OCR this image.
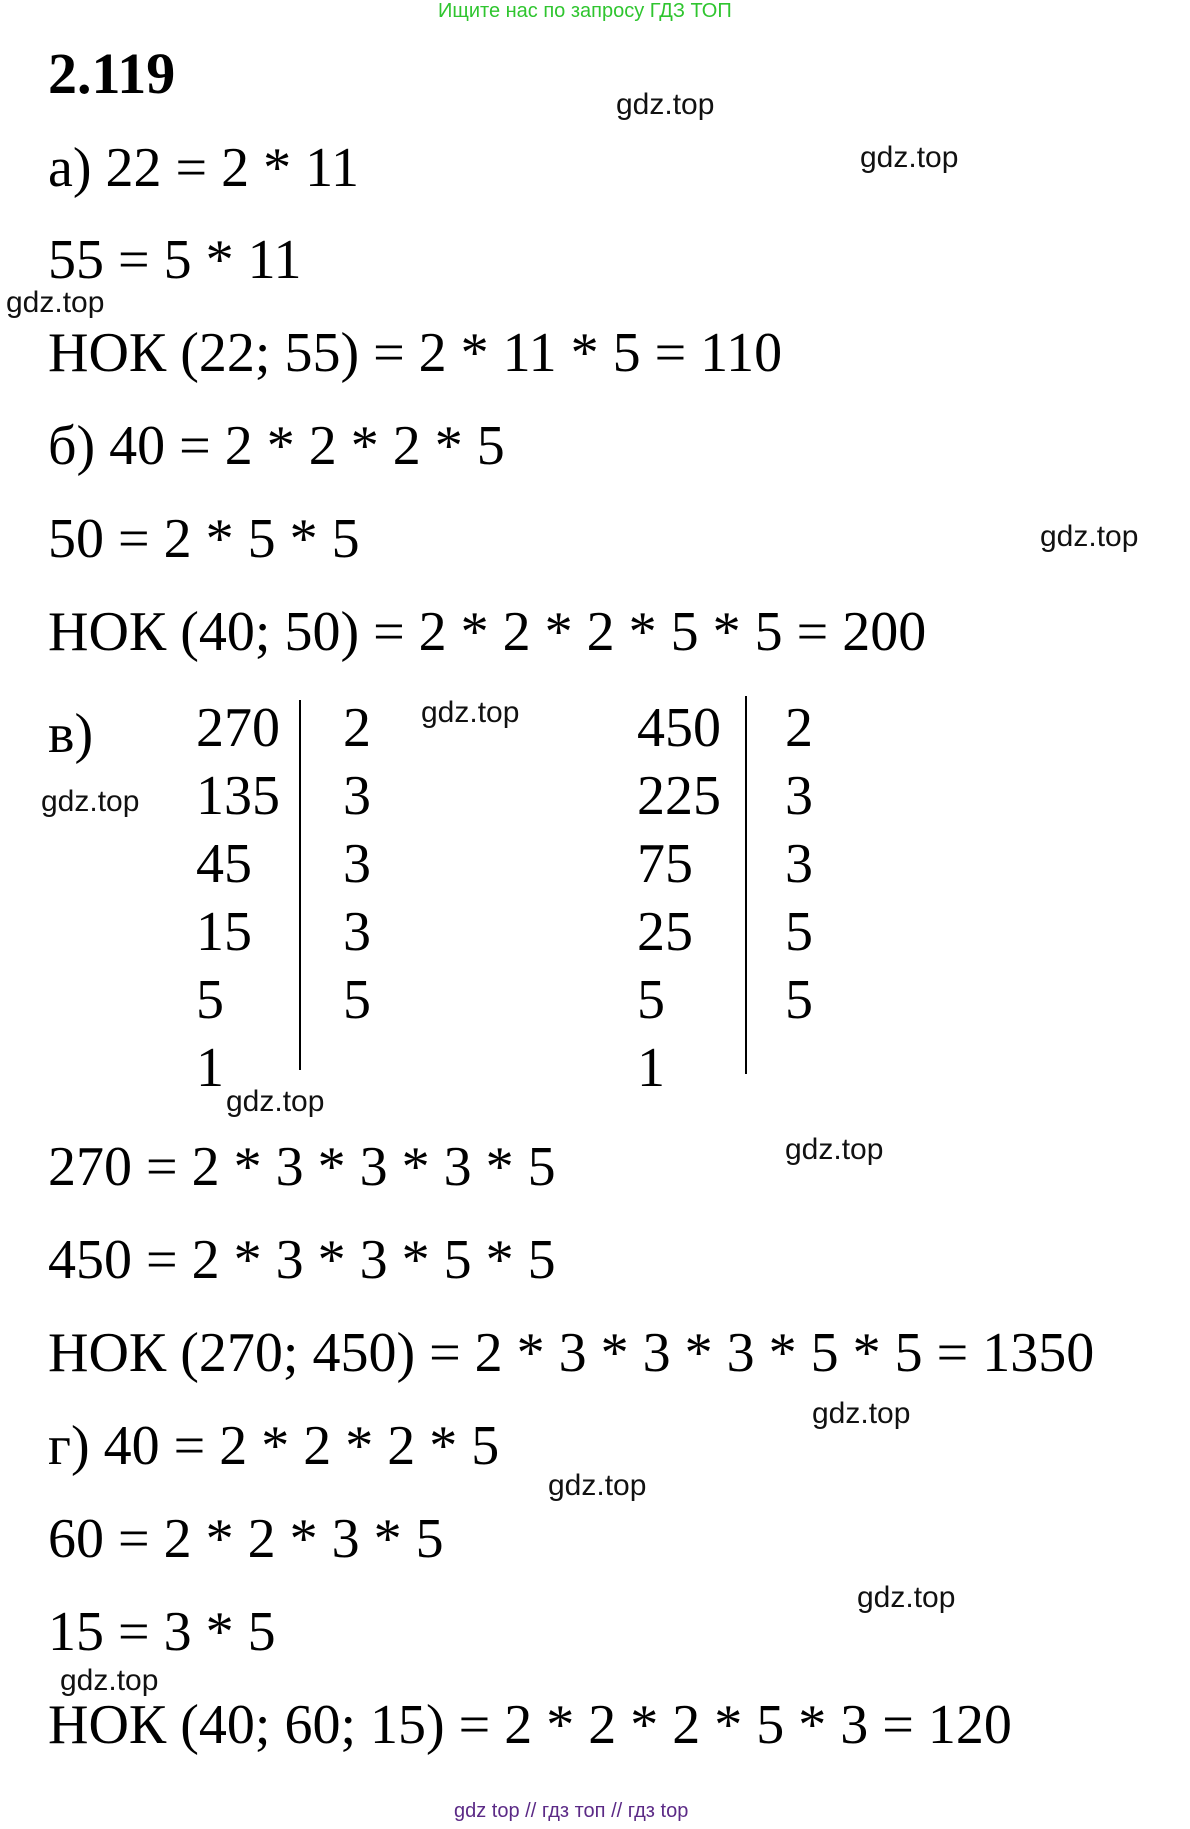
Ищите нас по запросу ГДЗ ТОП
2.119
а) 22 = 2 * 11
55 = 5 * 11
НОК (22; 55) = 2 * 11 * 5 = 110
б) 40 = 2 * 2 * 2 * 5
50 = 2 * 5 * 5
НОК (40; 50) = 2 * 2 * 2 * 5 * 5 = 200
в) 270
135
45
15
5
1
2
3
3
3
5
450
225
75
25
5
1
2
3
3
5
5
270 = 2 * 3 * 3 * 3 * 5
450 = 2 * 3 * 3 * 5 * 5
НОК (270; 450) = 2 * 3 * 3 * 3 * 5 * 5 = 1350
г) 40 = 2 * 2 * 2 * 5
60 = 2 * 2 * 3 * 5
15 = 3 * 5
НОК (40; 60; 15) = 2 * 2 * 2 * 5 * 3 = 120
gdz.top
gdz.top
gdz.top
gdz.top
gdz.top
gdz.top
gdz.top
gdz.top
gdz.top
gdz.top
gdz.top
gdz.top
gdz top // гдз топ // гдз top
